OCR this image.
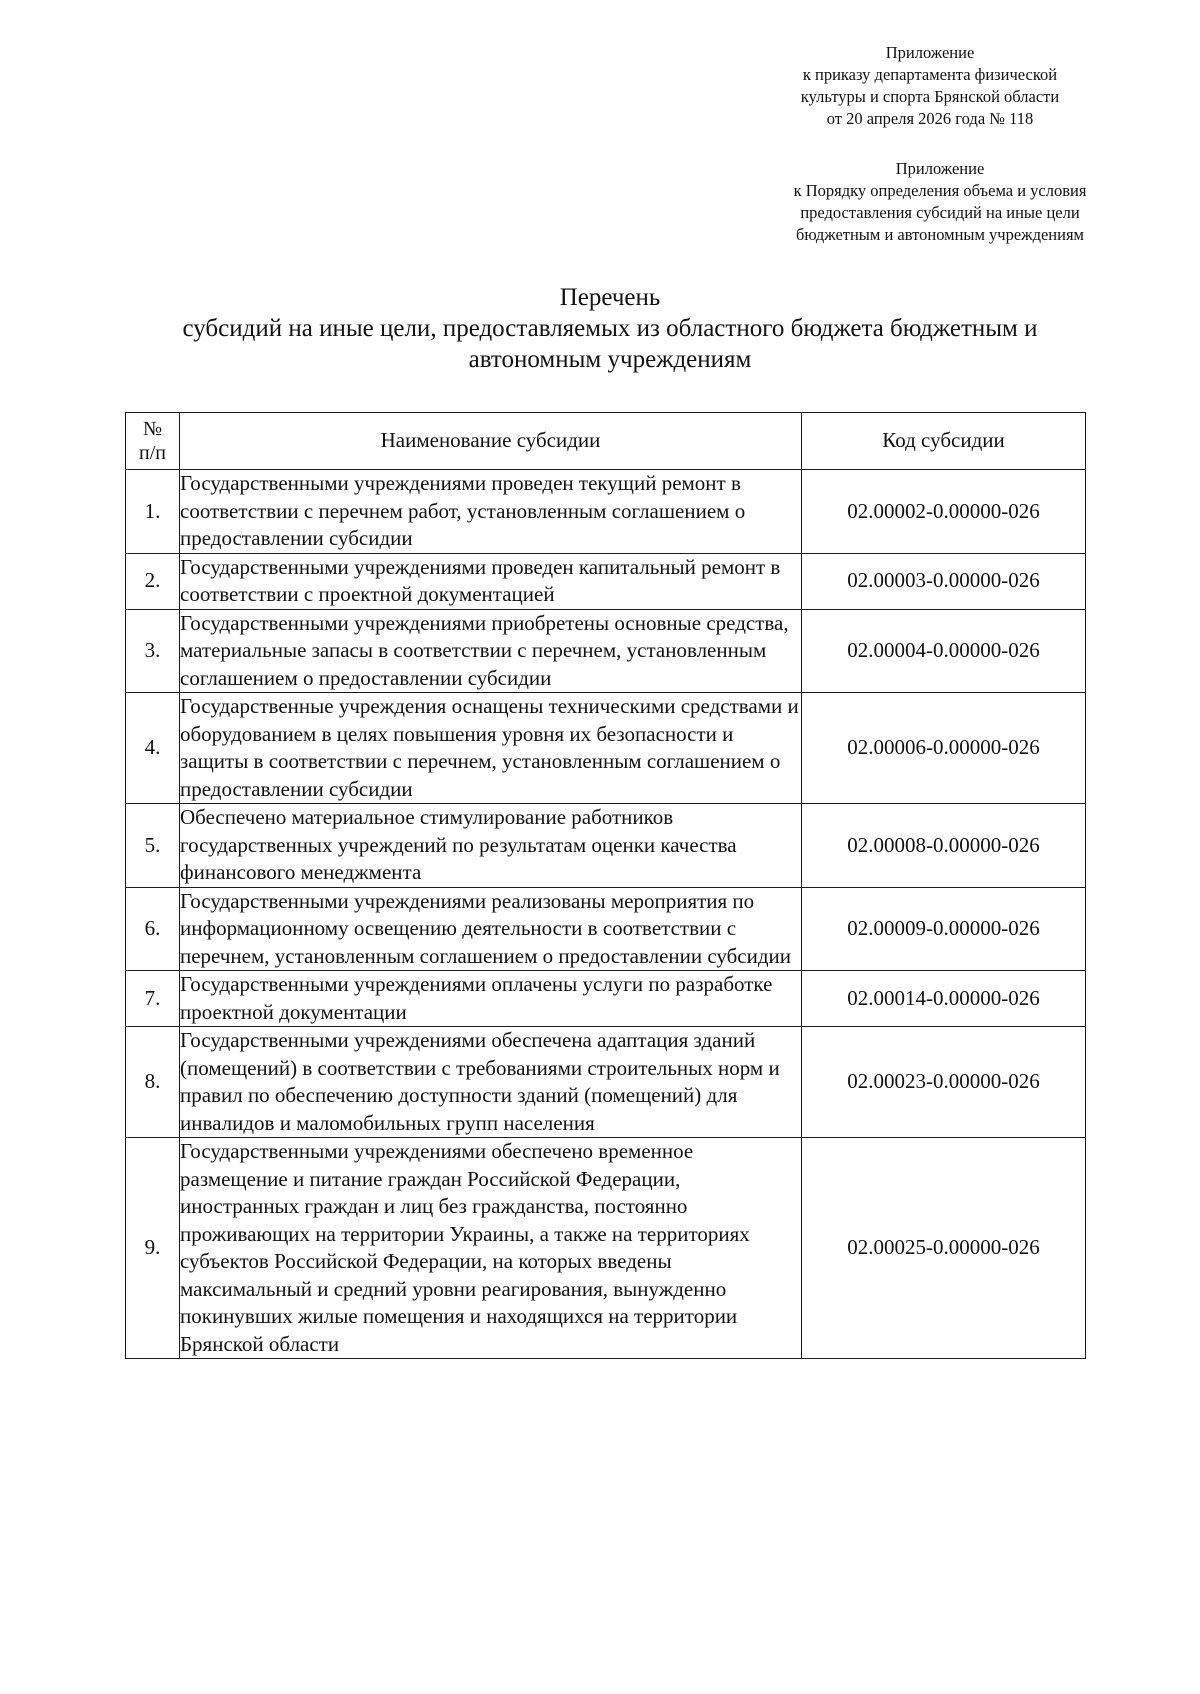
Приложение
к приказу департамента физической
культуры и спорта Брянской области
от 20 апреля 2026 года № 118
Приложение
к Порядку определения объема и условия
предоставления субсидий на иные цели
бюджетным и автономным учреждениям
Перечень
субсидий на иные цели, предоставляемых из областного бюджета бюджетным и
автономным учреждениям
№
п/п	Наименование субсидии	Код субсидии
1.	Государственными учреждениями проведен текущий ремонт в соответствии с перечнем работ, установленным соглашением о предоставлении субсидии	02.00002-0.00000-026
2.	Государственными учреждениями проведен капитальный ремонт в соответствии с проектной документацией	02.00003-0.00000-026
3.	Государственными учреждениями приобретены основные средства, материальные запасы в соответствии с перечнем, установленным соглашением о предоставлении субсидии	02.00004-0.00000-026
4.	Государственные учреждения оснащены техническими средствами и оборудованием в целях повышения уровня их безопасности и защиты в соответствии с перечнем, установленным соглашением о предоставлении субсидии	02.00006-0.00000-026
5.	Обеспечено материальное стимулирование работников государственных учреждений по результатам оценки качества финансового менеджмента	02.00008-0.00000-026
6.	Государственными учреждениями реализованы мероприятия по информационному освещению деятельности в соответствии с перечнем, установленным соглашением о предоставлении субсидии	02.00009-0.00000-026
7.	Государственными учреждениями оплачены услуги по разработке проектной документации	02.00014-0.00000-026
8.	Государственными учреждениями обеспечена адаптация зданий (помещений) в соответствии с требованиями строительных норм и правил по обеспечению доступности зданий (помещений) для инвалидов и маломобильных групп населения	02.00023-0.00000-026
9.	Государственными учреждениями обеспечено временное размещение и питание граждан Российской Федерации, иностранных граждан и лиц без гражданства, постоянно проживающих на территории Украины, а также на территориях субъектов Российской Федерации, на которых введены максимальный и средний уровни реагирования, вынужденно покинувших жилые помещения и находящихся на территории Брянской области	02.00025-0.00000-026
